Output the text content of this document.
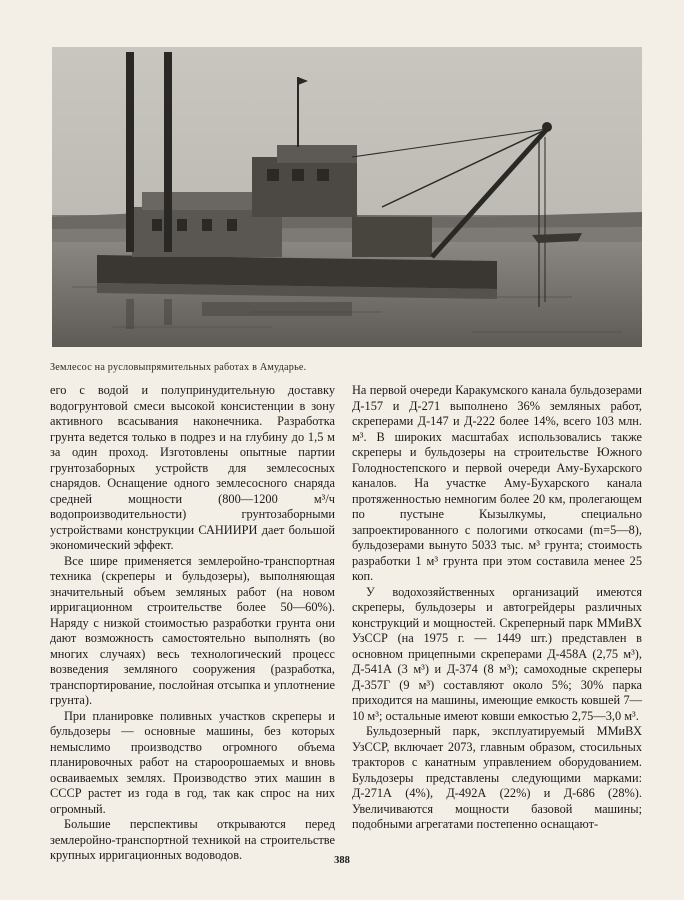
Землесос на русловыпрямительных работах в Амударье.

его с водой и полупринудительную доставку водогрунтовой смеси высокой консистенции в зону активного всасывания наконечника. Разработка грунта ведется только в подрез и на глубину до 1,5 м за один проход. Изготовлены опытные партии грунтозаборных устройств для землесосных снарядов. Оснащение одного землесосного снаряда средней мощности (800—1200 м³/ч водопроизводительности) грунтозаборными устройствами конструкции САНИИРИ дает большой экономический эффект.

Все шире применяется землеройно-транспортная техника (скреперы и бульдозеры), выполняющая значительный объем земляных работ (на новом ирригационном строительстве более 50—60%). Наряду с низкой стоимостью разработки грунта они дают возможность самостоятельно выполнять (во многих случаях) весь технологический процесс возведения земляного сооружения (разработка, транспортирование, послойная отсыпка и уплотнение грунта).

При планировке поливных участков скреперы и бульдозеры — основные машины, без которых немыслимо производство огромного объема планировочных работ на староорошаемых и вновь осваиваемых землях. Производство этих машин в СССР растет из года в год, так как спрос на них огромный.

Большие перспективы открываются перед землеройно-транспортной техникой на строительстве крупных ирригационных водоводов.

На первой очереди Каракумского канала бульдозерами Д-157 и Д-271 выполнено 36% земляных работ, скреперами Д-147 и Д-222 более 14%, всего 103 млн. м³. В широких масштабах использовались также скреперы и бульдозеры на строительстве Южного Голодностепского и первой очереди Аму-Бухарского каналов. На участке Аму-Бухарского канала протяженностью немногим более 20 км, пролегающем по пустыне Кызылкумы, специально запроектированного с пологими откосами (m=5—8), бульдозерами вынуто 5033 тыс. м³ грунта; стоимость разработки 1 м³ грунта при этом составила менее 25 коп.

У водохозяйственных организаций имеются скреперы, бульдозеры и автогрейдеры различных конструкций и мощностей. Скреперный парк ММиВХ УзССР (на 1975 г. — 1449 шт.) представлен в основном прицепными скреперами Д-458А (2,75 м³), Д-541А (3 м³) и Д-374 (8 м³); самоходные скреперы Д-357Г (9 м³) составляют около 5%; 30% парка приходится на машины, имеющие емкость ковшей 7—10 м³; остальные имеют ковши емкостью 2,75—3,0 м³.

Бульдозерный парк, эксплуатируемый ММиВХ УзССР, включает 2073, главным образом, стосильных тракторов с канатным управлением оборудованием. Бульдозеры представлены следующими марками: Д-271А (4%), Д-492А (22%) и Д-686 (28%). Увеличиваются мощности базовой машины; подобными агрегатами постепенно оснащают-

388
